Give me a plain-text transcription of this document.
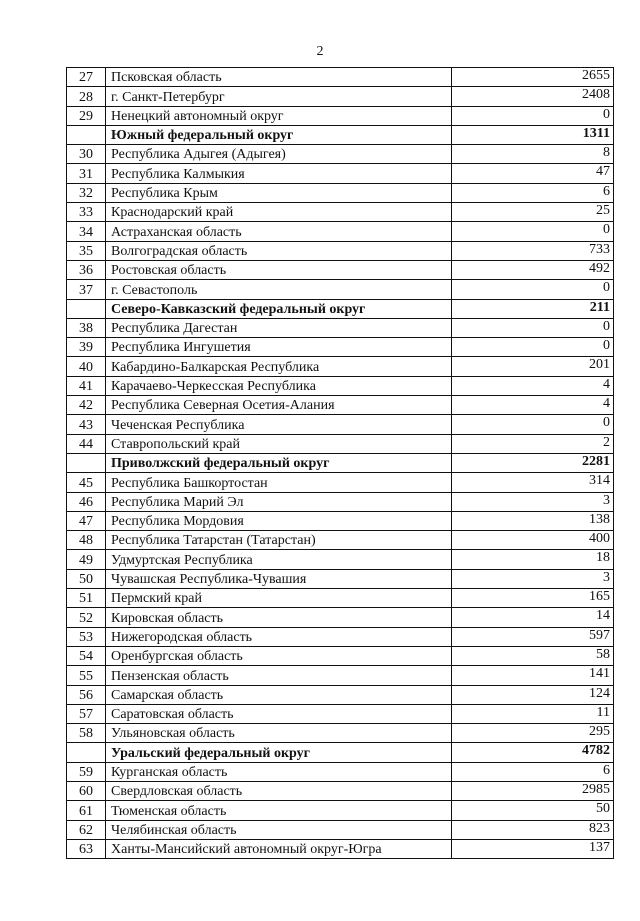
2
27	Псковская область	2655
28	г. Санкт-Петербург	2408
29	Ненецкий автономный округ	0
	Южный федеральный округ	1311
30	Республика Адыгея (Адыгея)	8
31	Республика Калмыкия	47
32	Республика Крым	6
33	Краснодарский край	25
34	Астраханская область	0
35	Волгоградская область	733
36	Ростовская область	492
37	г. Севастополь	0
	Северо-Кавказский федеральный округ	211
38	Республика Дагестан	0
39	Республика Ингушетия	0
40	Кабардино-Балкарская Республика	201
41	Карачаево-Черкесская Республика	4
42	Республика Северная Осетия-Алания	4
43	Чеченская Республика	0
44	Ставропольский край	2
	Приволжский федеральный округ	2281
45	Республика Башкортостан	314
46	Республика Марий Эл	3
47	Республика Мордовия	138
48	Республика Татарстан (Татарстан)	400
49	Удмуртская Республика	18
50	Чувашская Республика-Чувашия	3
51	Пермский край	165
52	Кировская область	14
53	Нижегородская область	597
54	Оренбургская область	58
55	Пензенская область	141
56	Самарская область	124
57	Саратовская область	11
58	Ульяновская область	295
	Уральский федеральный округ	4782
59	Курганская область	6
60	Свердловская область	2985
61	Тюменская область	50
62	Челябинская область	823
63	Ханты-Мансийский автономный округ-Югра	137
